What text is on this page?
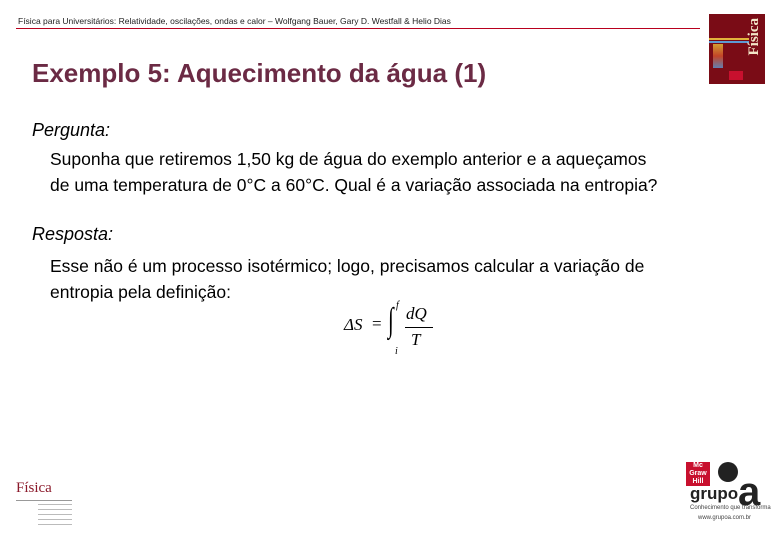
Física para Universitários: Relatividade, oscilações, ondas e calor – Wolfgang Bauer, Gary D. Westfall & Helio Dias	Física
Exemplo 5: Aquecimento da água (1)
Pergunta:
Suponha que retiremos 1,50 kg de água do exemplo anterior e a aqueçamos
de uma temperatura de 0°C a 60°C. Qual é a variação associada na entropia?
Resposta:
Esse não é um processo isotérmico; logo, precisamos calcular a variação de
entropia pela definição:
ΔS = ∫ f
i
dQ
T
Física
Mc Graw Hill a
grupo
Conhecimento que transforma
www.grupoa.com.br
